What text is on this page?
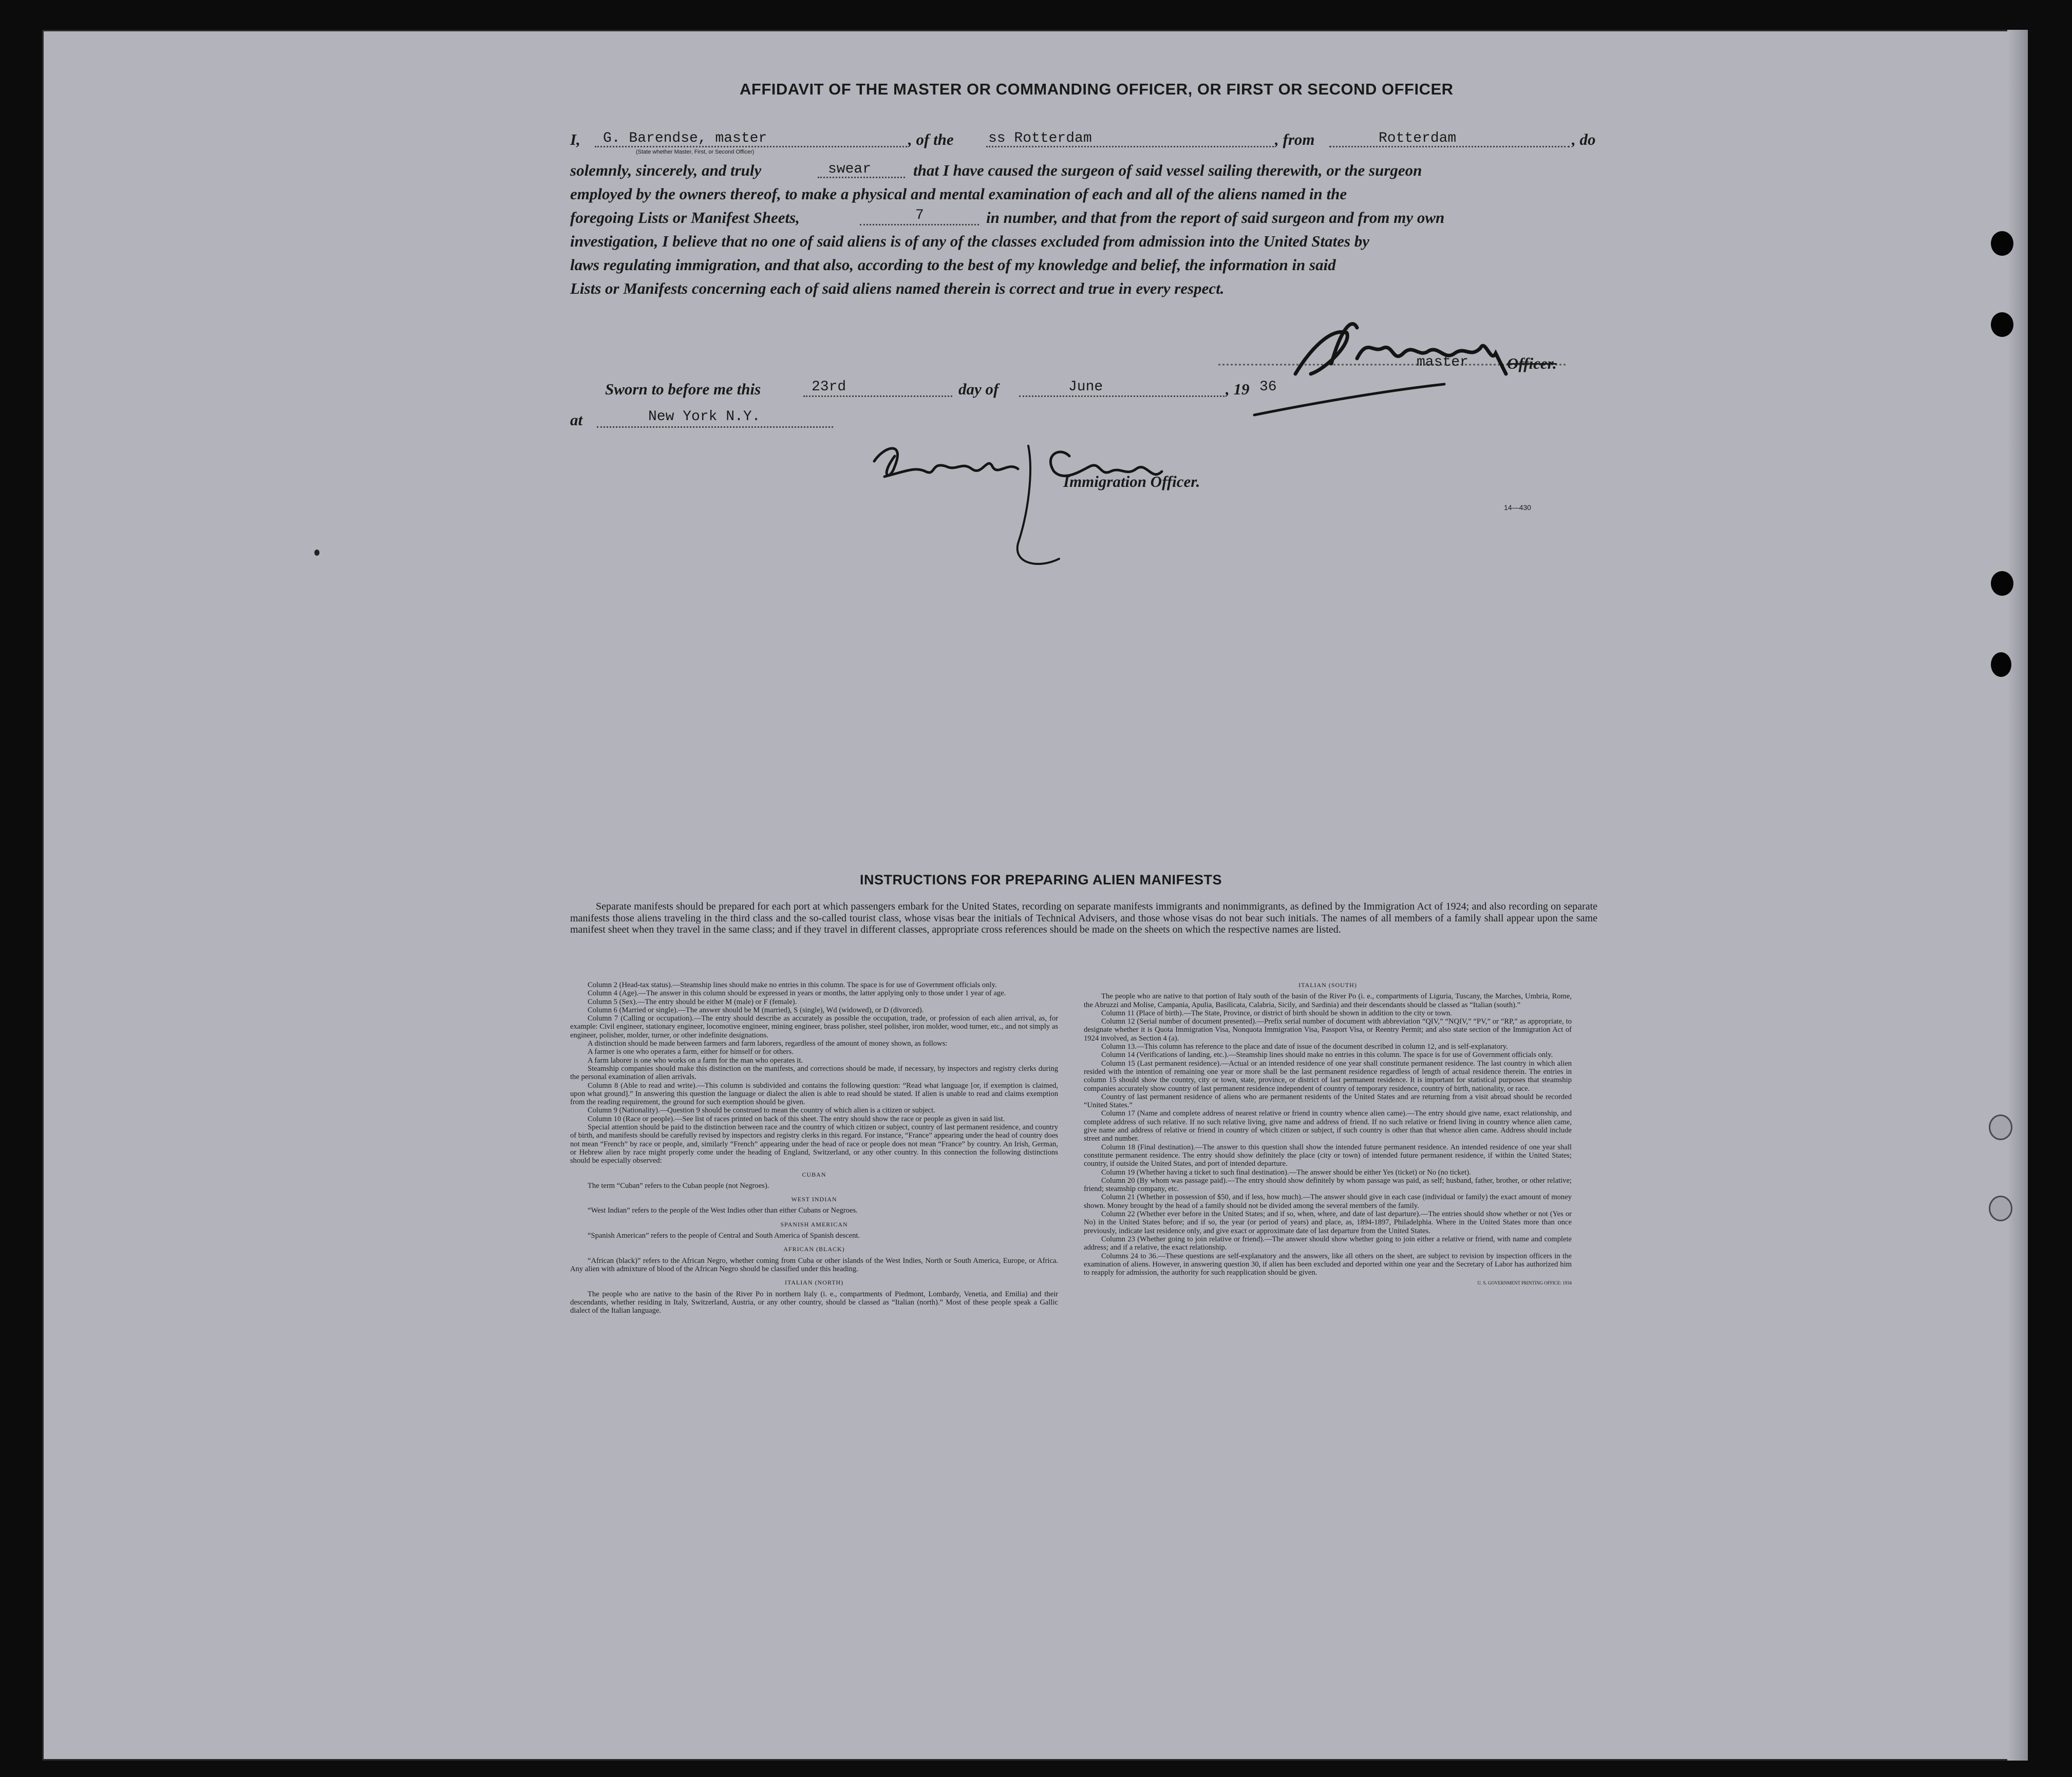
AFFIDAVIT OF THE MASTER OR COMMANDING OFFICER, OR FIRST OR SECOND OFFICER
I, G. Barendse, master
(State whether Master, First, or Second Officer)
, of the ss Rotterdam	, from	Rotterdam	, do
solemnly, sincerely, and truly	swear	that I have caused the surgeon of said vessel sailing therewith, or the surgeon
employed by the owners thereof, to make a physical and mental examination of each and all of the aliens named in the
foregoing Lists or Manifest Sheets,	7	in number, and that from the report of said surgeon and from my own
investigation, I believe that no one of said aliens is of any of the classes excluded from admission into the United States by
laws regulating immigration, and that also, according to the best of my knowledge and belief, the information in said
Lists or Manifests concerning each of said aliens named therein is correct and true in every respect.
master Officer.
Sworn to before me this	23rd	day of	June	, 19 36
at	New York N.Y.
Immigration Officer.
14—430
INSTRUCTIONS FOR PREPARING ALIEN MANIFESTS
Separate manifests should be prepared for each port at which passengers embark for the United States, recording on separate manifests immigrants and nonimmigrants, as defined by the Immigration Act of 1924; and also recording on separate manifests those aliens traveling in the third class and the so-called tourist class, whose visas bear the initials of Technical Advisers, and those whose visas do not bear such initials. The names of all members of a family shall appear upon the same manifest sheet when they travel in the same class; and if they travel in different classes, appropriate cross references should be made on the sheets on which the respective names are listed.

Column 2 (Head-tax status).—Steamship lines should make no entries in this column. The space is for use of Government officials only.

Column 4 (Age).—The answer in this column should be expressed in years or months, the latter applying only to those under 1 year of age.

Column 5 (Sex).—The entry should be either M (male) or F (female).

Column 6 (Married or single).—The answer should be M (married), S (single), Wd (widowed), or D (divorced).

Column 7 (Calling or occupation).—The entry should describe as accurately as possible the occupation, trade, or profession of each alien arrival, as, for example: Civil engineer, stationary engineer, locomotive engineer, mining engineer, brass polisher, steel polisher, iron molder, wood turner, etc., and not simply as engineer, polisher, molder, turner, or other indefinite designations.

A distinction should be made between farmers and farm laborers, regardless of the amount of money shown, as follows:

A farmer is one who operates a farm, either for himself or for others.

A farm laborer is one who works on a farm for the man who operates it.

Steamship companies should make this distinction on the manifests, and corrections should be made, if necessary, by inspectors and registry clerks during the personal examination of alien arrivals.

Column 8 (Able to read and write).—This column is subdivided and contains the following question: “Read what language [or, if exemption is claimed, upon what ground].” In answering this question the language or dialect the alien is able to read should be stated. If alien is unable to read and claims exemption from the reading requirement, the ground for such exemption should be given.

Column 9 (Nationality).—Question 9 should be construed to mean the country of which alien is a citizen or subject.

Column 10 (Race or people).—See list of races printed on back of this sheet. The entry should show the race or people as given in said list.

Special attention should be paid to the distinction between race and the country of which citizen or subject, country of last permanent residence, and country of birth, and manifests should be carefully revised by inspectors and registry clerks in this regard. For instance, “France” appearing under the head of country does not mean “French” by race or people, and, similarly “French” appearing under the head of race or people does not mean “France” by country. An Irish, German, or Hebrew alien by race might properly come under the heading of England, Switzerland, or any other country. In this connection the following distinctions should be especially observed:

CUBAN

The term “Cuban” refers to the Cuban people (not Negroes).

WEST INDIAN

“West Indian” refers to the people of the West Indies other than either Cubans or Negroes.

SPANISH AMERICAN

“Spanish American” refers to the people of Central and South America of Spanish descent.

AFRICAN (BLACK)

“African (black)” refers to the African Negro, whether coming from Cuba or other islands of the West Indies, North or South America, Europe, or Africa. Any alien with admixture of blood of the African Negro should be classified under this heading.

ITALIAN (NORTH)

The people who are native to the basin of the River Po in northern Italy (i. e., compartments of Piedmont, Lombardy, Venetia, and Emilia) and their descendants, whether residing in Italy, Switzerland, Austria, or any other country, should be classed as “Italian (north).” Most of these people speak a Gallic dialect of the Italian language.

ITALIAN (SOUTH)

The people who are native to that portion of Italy south of the basin of the River Po (i. e., compartments of Liguria, Tuscany, the Marches, Umbria, Rome, the Abruzzi and Molise, Campania, Apulia, Basilicata, Calabria, Sicily, and Sardinia) and their descendants should be classed as “Italian (south).”

Column 11 (Place of birth).—The State, Province, or district of birth should be shown in addition to the city or town.

Column 12 (Serial number of document presented).—Prefix serial number of document with abbreviation “QIV,” “NQIV,” “PV,” or “RP,” as appropriate, to designate whether it is Quota Immigration Visa, Nonquota Immigration Visa, Passport Visa, or Reentry Permit; and also state section of the Immigration Act of 1924 involved, as Section 4 (a).

Column 13.—This column has reference to the place and date of issue of the document described in column 12, and is self-explanatory.

Column 14 (Verifications of landing, etc.).—Steamship lines should make no entries in this column. The space is for use of Government officials only.

Column 15 (Last permanent residence).—Actual or an intended residence of one year shall constitute permanent residence. The last country in which alien resided with the intention of remaining one year or more shall be the last permanent residence regardless of length of actual residence therein. The entries in column 15 should show the country, city or town, state, province, or district of last permanent residence. It is important for statistical purposes that steamship companies accurately show country of last permanent residence independent of country of temporary residence, country of birth, nationality, or race.

Country of last permanent residence of aliens who are permanent residents of the United States and are returning from a visit abroad should be recorded “United States.”

Column 17 (Name and complete address of nearest relative or friend in country whence alien came).—The entry should give name, exact relationship, and complete address of such relative. If no such relative living, give name and address of friend. If no such relative or friend living in country whence alien came, give name and address of relative or friend in country of which citizen or subject, if such country is other than that whence alien came. Address should include street and number.

Column 18 (Final destination).—The answer to this question shall show the intended future permanent residence. An intended residence of one year shall constitute permanent residence. The entry should show definitely the place (city or town) of intended future permanent residence, if within the United States; country, if outside the United States, and port of intended departure.

Column 19 (Whether having a ticket to such final destination).—The answer should be either Yes (ticket) or No (no ticket).

Column 20 (By whom was passage paid).—The entry should show definitely by whom passage was paid, as self; husband, father, brother, or other relative; friend; steamship company, etc.

Column 21 (Whether in possession of $50, and if less, how much).—The answer should give in each case (individual or family) the exact amount of money shown. Money brought by the head of a family should not be divided among the several members of the family.

Column 22 (Whether ever before in the United States; and if so, when, where, and date of last departure).—The entries should show whether or not (Yes or No) in the United States before; and if so, the year (or period of years) and place, as, 1894-1897, Philadelphia. Where in the United States more than once previously, indicate last residence only, and give exact or approximate date of last departure from the United States.

Column 23 (Whether going to join relative or friend).—The answer should show whether going to join either a relative or friend, with name and complete address; and if a relative, the exact relationship.

Columns 24 to 36.—These questions are self-explanatory and the answers, like all others on the sheet, are subject to revision by inspection officers in the examination of aliens. However, in answering question 30, if alien has been excluded and deported within one year and the Secretary of Labor has authorized him to reapply for admission, the authority for such reapplication should be given.

U. S. GOVERNMENT PRINTING OFFICE: 1934
